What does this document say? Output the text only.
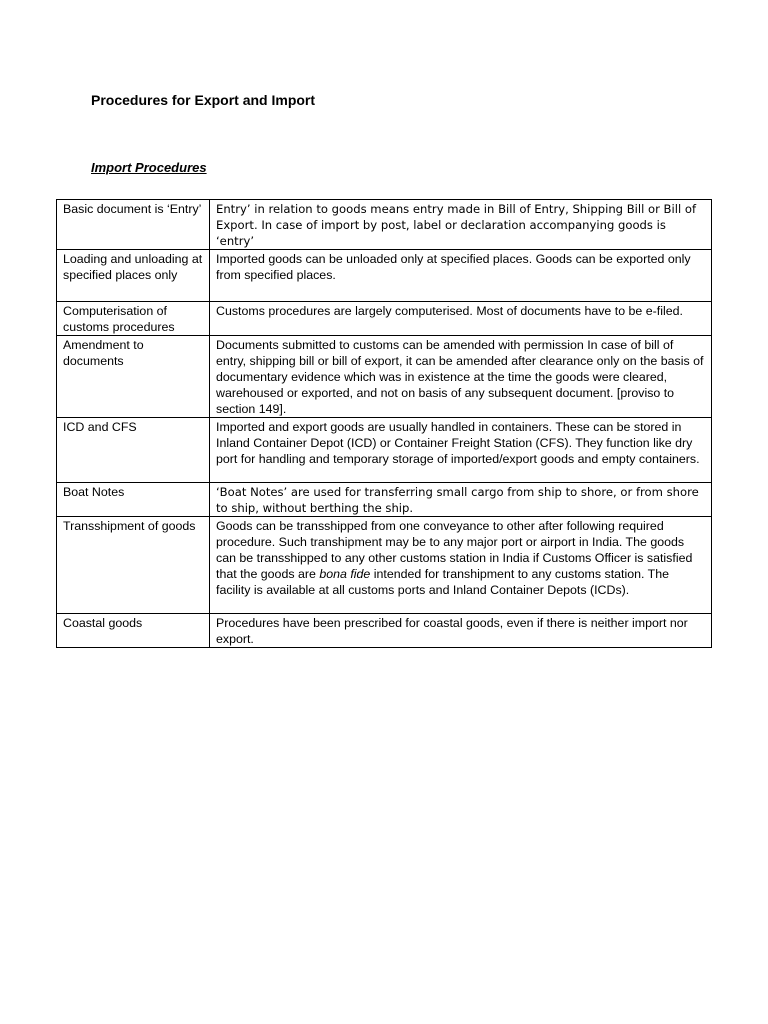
Procedures for Export and Import
Import Procedures
Basic document is ‘Entry’	Entry’ in relation to goods means entry made in Bill of Entry, Shipping Bill or Bill of Export. In case of import by post, label or declaration accompanying goods is ‘entry’
Loading and unloading at specified places only	Imported goods can be unloaded only at specified places. Goods can be exported only from specified places.
Computerisation of customs procedures	Customs procedures are largely computerised. Most of documents have to be e-filed.
Amendment to documents	Documents submitted to customs can be amended with permission In case of bill of entry, shipping bill or bill of export, it can be amended after clearance only on the basis of documentary evidence which was in existence at the time the goods were cleared, warehoused or exported, and not on basis of any subsequent document. [proviso to section 149].
ICD and CFS	Imported and export goods are usually handled in containers. These can be stored in Inland Container Depot (ICD) or Container Freight Station (CFS). They function like dry port for handling and temporary storage of imported/export goods and empty containers.
Boat Notes	‘Boat Notes’ are used for transferring small cargo from ship to shore, or from shore to ship, without berthing the ship.
Transshipment of goods	Goods can be transshipped from one conveyance to other after following required procedure. Such transhipment may be to any major port or airport in India. The goods can be transshipped to any other customs station in India if Customs Officer is satisfied that the goods are bona fide intended for transhipment to any customs station. The facility is available at all customs ports and Inland Container Depots (ICDs).
Coastal goods	Procedures have been prescribed for coastal goods, even if there is neither import nor export.
